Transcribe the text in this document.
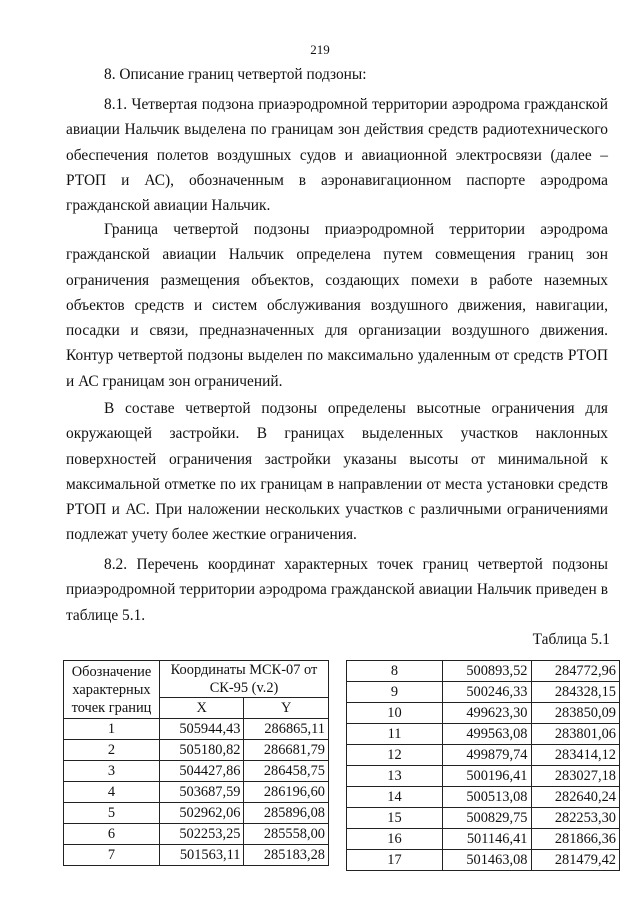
219
8. Описание границ четвертой подзоны:

8.1. Четвертая подзона приаэродромной территории аэродрома гражданской авиации Нальчик выделена по границам зон действия средств радиотехнического обеспечения полетов воздушных судов и авиационной электросвязи (далее – РТОП и АС), обозначенным в аэронавигационном паспорте аэродрома гражданской авиации Нальчик.

Граница четвертой подзоны приаэродромной территории аэродрома гражданской авиации Нальчик определена путем совмещения границ зон ограничения размещения объектов, создающих помехи в работе наземных объектов средств и систем обслуживания воздушного движения, навигации, посадки и связи, предназначенных для организации воздушного движения. Контур четвертой подзоны выделен по максимально удаленным от средств РТОП и АС границам зон ограничений.

В составе четвертой подзоны определены высотные ограничения для окружающей застройки. В границах выделенных участков наклонных поверхностей ограничения застройки указаны высоты от минимальной к максимальной отметке по их границам в направлении от места установки средств РТОП и АС. При наложении нескольких участков с различными ограничениями подлежат учету более жесткие ограничения.

8.2. Перечень координат характерных точек границ четвертой подзоны приаэродромной территории аэродрома гражданской авиации Нальчик приведен в таблице 5.1.

Таблица 5.1
Обозначение характерных точек границ	Координаты МСК-07 от СК-95 (v.2)	
	X	Y
1	505944,43	286865,11
2	505180,82	286681,79
3	504427,86	286458,75
4	503687,59	286196,60
5	502962,06	285896,08
6	502253,25	285558,00
7	501563,11	285183,28
8	500893,52	284772,96
9	500246,33	284328,15
10	499623,30	283850,09
11	499563,08	283801,06
12	499879,74	283414,12
13	500196,41	283027,18
14	500513,08	282640,24
15	500829,75	282253,30
16	501146,41	281866,36
17	501463,08	281479,42
